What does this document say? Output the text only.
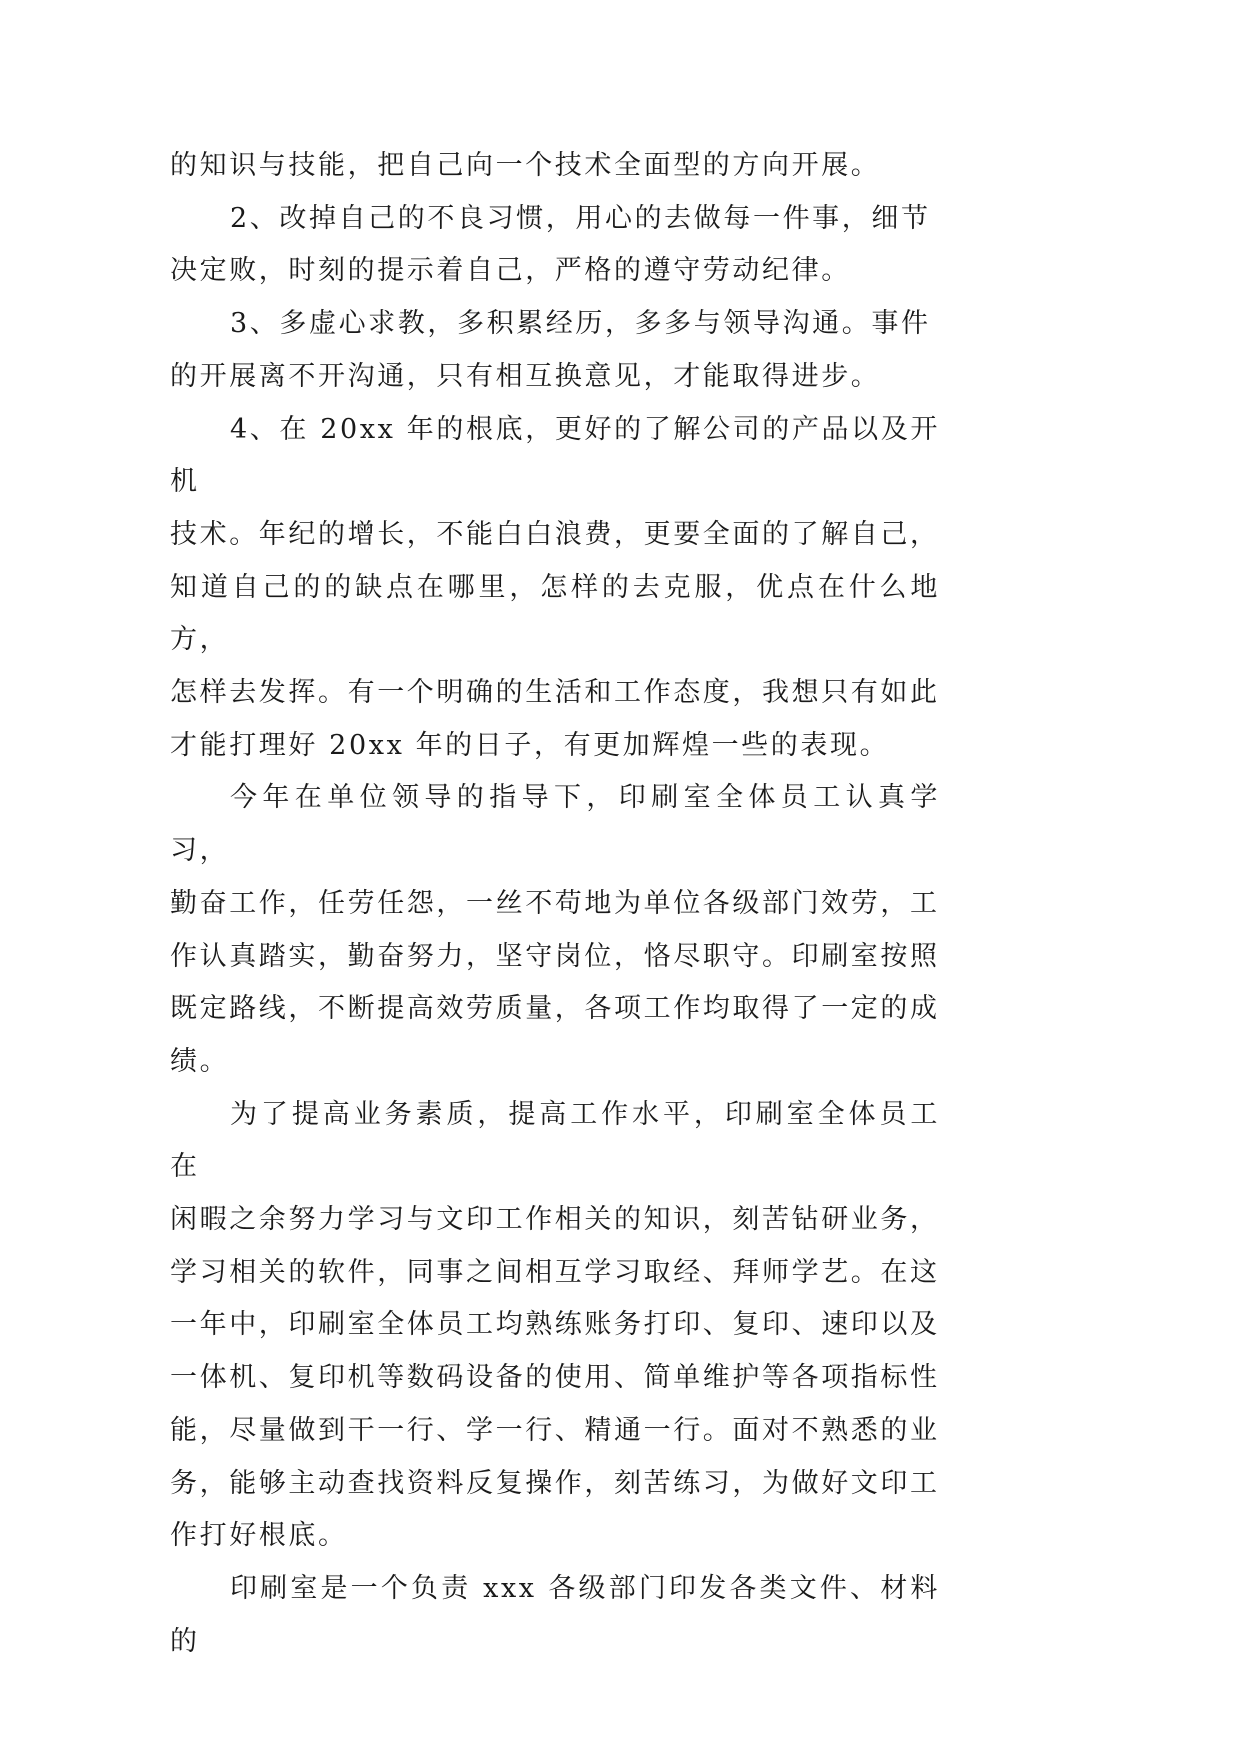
的知识与技能，把自己向一个技术全面型的方向开展。

2、改掉自己的不良习惯，用心的去做每一件事，细节
决定败，时刻的提示着自己，严格的遵守劳动纪律。

3、多虚心求教，多积累经历，多多与领导沟通。事件
的开展离不开沟通，只有相互换意见，才能取得进步。

4、在 20xx 年的根底，更好的了解公司的产品以及开机
技术。年纪的增长，不能白白浪费，更要全面的了解自己，
知道自己的的缺点在哪里，怎样的去克服，优点在什么地方，
怎样去发挥。有一个明确的生活和工作态度，我想只有如此
才能打理好 20xx 年的日子，有更加辉煌一些的表现。

今年在单位领导的指导下，印刷室全体员工认真学习，
勤奋工作，任劳任怨，一丝不苟地为单位各级部门效劳，工
作认真踏实，勤奋努力，坚守岗位，恪尽职守。印刷室按照
既定路线，不断提高效劳质量，各项工作均取得了一定的成
绩。

为了提高业务素质，提高工作水平，印刷室全体员工在
闲暇之余努力学习与文印工作相关的知识，刻苦钻研业务，
学习相关的软件，同事之间相互学习取经、拜师学艺。在这
一年中，印刷室全体员工均熟练账务打印、复印、速印以及
一体机、复印机等数码设备的使用、简单维护等各项指标性
能，尽量做到干一行、学一行、精通一行。面对不熟悉的业
务，能够主动查找资料反复操作，刻苦练习，为做好文印工
作打好根底。

印刷室是一个负责 xxx 各级部门印发各类文件、材料的
